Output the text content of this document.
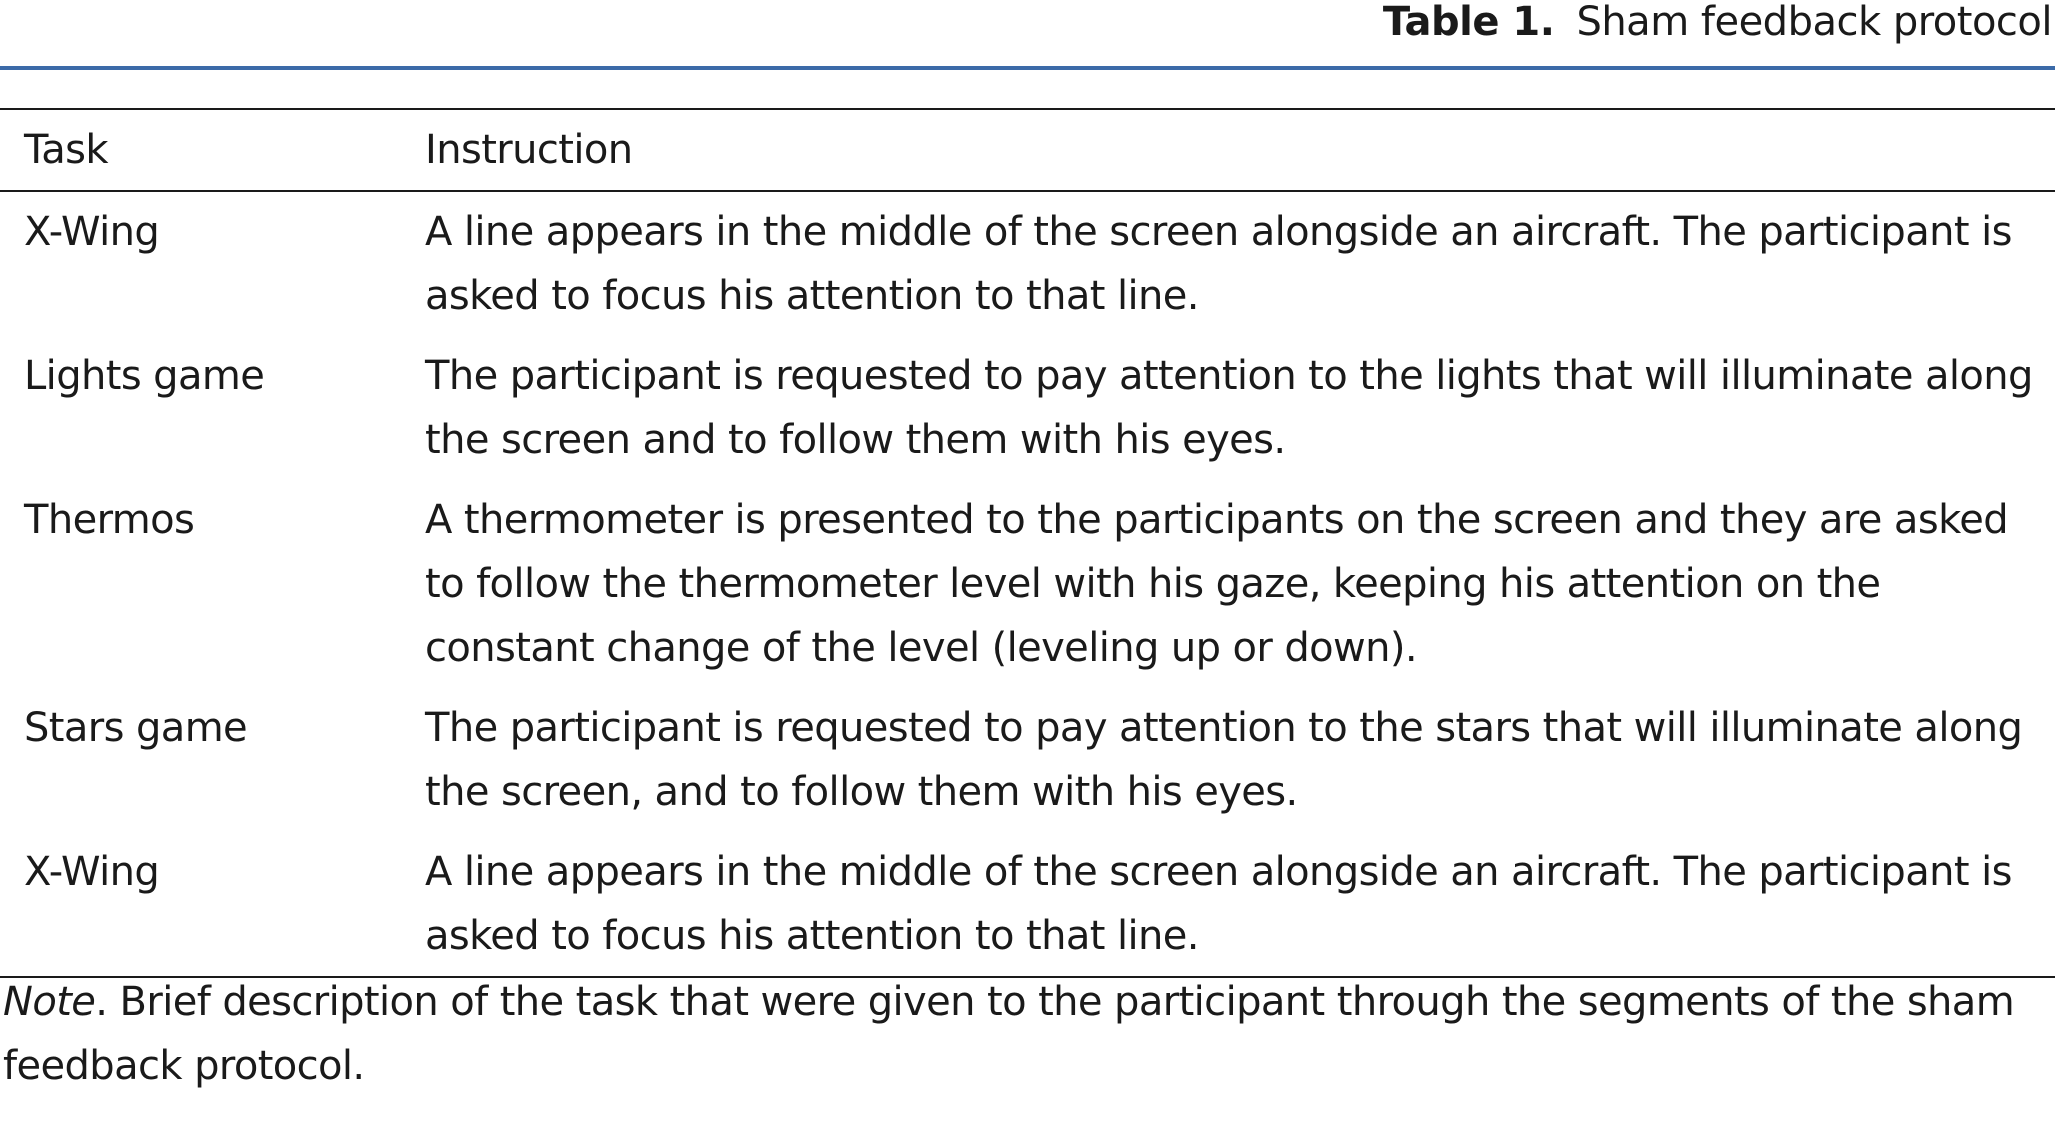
Table 1. Sham feedback protocol
Task	Instruction
X-Wing	A line appears in the middle of the screen alongside an aircraft. The participant is asked to focus his attention to that line.
Lights game	The participant is requested to pay attention to the lights that will illuminate along the screen and to follow them with his eyes.
Thermos	A thermometer is presented to the participants on the screen and they are asked to follow the thermometer level with his gaze, keeping his attention on the constant change of the level (leveling up or down).
Stars game	The participant is requested to pay attention to the stars that will illuminate along the screen, and to follow them with his eyes.
X-Wing	A line appears in the middle of the screen alongside an aircraft. The participant is asked to focus his attention to that line.
Note. Brief description of the task that were given to the participant through the segments of the sham feedback protocol.
